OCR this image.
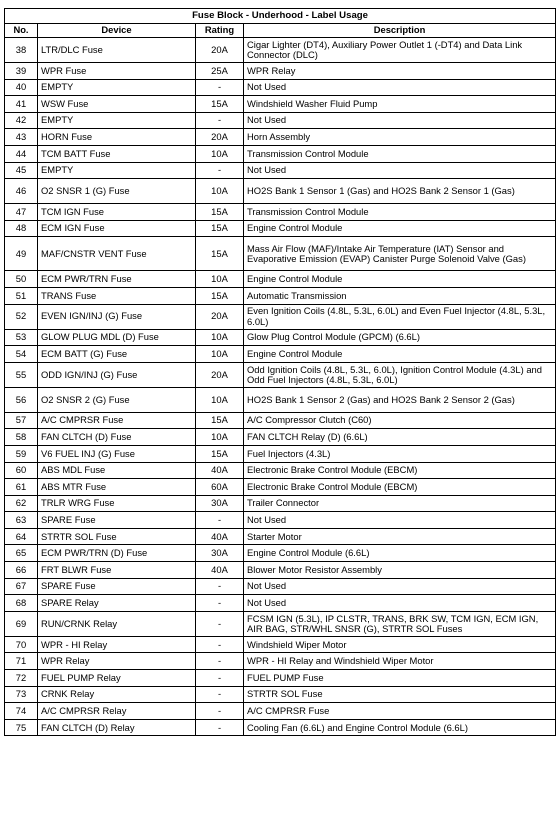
Fuse Block - Underhood - Label Usage			
No.	Device	Rating	Description
38	LTR/DLC Fuse	20A	Cigar Lighter (DT4), Auxiliary Power Outlet 1 (-DT4) and Data Link Connector (DLC)
39	WPR Fuse	25A	WPR Relay
40	EMPTY	-	Not Used
41	WSW Fuse	15A	Windshield Washer Fluid Pump
42	EMPTY	-	Not Used
43	HORN Fuse	20A	Horn Assembly
44	TCM BATT Fuse	10A	Transmission Control Module
45	EMPTY	-	Not Used
46	O2 SNSR 1 (G) Fuse	10A	HO2S Bank 1 Sensor 1 (Gas) and HO2S Bank 2 Sensor 1 (Gas)
47	TCM IGN Fuse	15A	Transmission Control Module
48	ECM IGN Fuse	15A	Engine Control Module
49	MAF/CNSTR VENT Fuse	15A	Mass Air Flow (MAF)/Intake Air Temperature (IAT) Sensor and Evaporative Emission (EVAP) Canister Purge Solenoid Valve (Gas)
50	ECM PWR/TRN Fuse	10A	Engine Control Module
51	TRANS Fuse	15A	Automatic Transmission
52	EVEN IGN/INJ (G) Fuse	20A	Even Ignition Coils (4.8L, 5.3L, 6.0L) and Even Fuel Injector (4.8L, 5.3L, 6.0L)
53	GLOW PLUG MDL (D) Fuse	10A	Glow Plug Control Module (GPCM) (6.6L)
54	ECM BATT (G) Fuse	10A	Engine Control Module
55	ODD IGN/INJ (G) Fuse	20A	Odd Ignition Coils (4.8L, 5.3L, 6.0L), Ignition Control Module (4.3L) and Odd Fuel Injectors (4.8L, 5.3L, 6.0L)
56	O2 SNSR 2 (G) Fuse	10A	HO2S Bank 1 Sensor 2 (Gas) and HO2S Bank 2 Sensor 2 (Gas)
57	A/C CMPRSR Fuse	15A	A/C Compressor Clutch (C60)
58	FAN CLTCH (D) Fuse	10A	FAN CLTCH Relay (D) (6.6L)
59	V6 FUEL INJ (G) Fuse	15A	Fuel Injectors (4.3L)
60	ABS MDL Fuse	40A	Electronic Brake Control Module (EBCM)
61	ABS MTR Fuse	60A	Electronic Brake Control Module (EBCM)
62	TRLR WRG Fuse	30A	Trailer Connector
63	SPARE Fuse	-	Not Used
64	STRTR SOL Fuse	40A	Starter Motor
65	ECM PWR/TRN (D) Fuse	30A	Engine Control Module (6.6L)
66	FRT BLWR Fuse	40A	Blower Motor Resistor Assembly
67	SPARE Fuse	-	Not Used
68	SPARE Relay	-	Not Used
69	RUN/CRNK Relay	-	FCSM IGN (5.3L), IP CLSTR, TRANS, BRK SW, TCM IGN, ECM IGN, AIR BAG, STR/WHL SNSR (G), STRTR SOL Fuses
70	WPR - HI Relay	-	Windshield Wiper Motor
71	WPR Relay	-	WPR - HI Relay and Windshield Wiper Motor
72	FUEL PUMP Relay	-	FUEL PUMP Fuse
73	CRNK Relay	-	STRTR SOL Fuse
74	A/C CMPRSR Relay	-	A/C CMPRSR Fuse
75	FAN CLTCH (D) Relay	-	Cooling Fan (6.6L) and Engine Control Module (6.6L)
